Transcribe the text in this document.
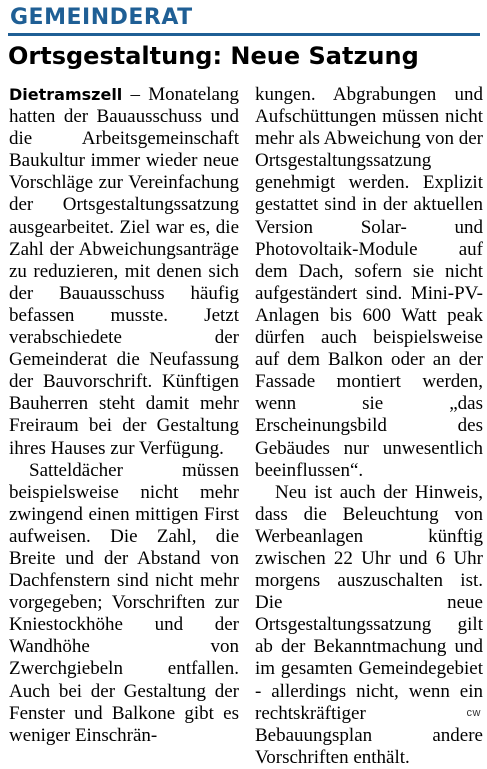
GEMEINDERAT
Ortsgestaltung: Neue Satzung

Dietramszell – Monatelang hatten der Bauausschuss und die Arbeitsgemeinschaft Baukultur immer wieder neue Vorschläge zur Vereinfachung der Ortsgestaltungssatzung ausgearbeitet. Ziel war es, die Zahl der Abweichungsanträge zu reduzieren, mit denen sich der Bauausschuss häufig befassen musste. Jetzt verabschiedete der Gemeinderat die Neufassung der Bauvorschrift. Künftigen Bauherren steht damit mehr Freiraum bei der Gestaltung ihres Hauses zur Verfügung.

Satteldächer müssen beispielsweise nicht mehr zwingend einen mittigen First aufweisen. Die Zahl, die Breite und der Abstand von Dachfenstern sind nicht mehr vorgegeben; Vorschriften zur Kniestockhöhe und der Wandhöhe von Zwerchgiebeln entfallen. Auch bei der Gestaltung der Fenster und Balkone gibt es weniger Einschrän-

kungen. Abgrabungen und Aufschüttungen müssen nicht mehr als Abweichung von der Ortsgestaltungssatzung genehmigt werden. Explizit gestattet sind in der aktuellen Version Solar- und Photovoltaik-Module auf dem Dach, sofern sie nicht aufgeständert sind. Mini-PV-Anlagen bis 600 Watt peak dürfen auch beispielsweise auf dem Balkon oder an der Fassade montiert werden, wenn sie „das Erscheinungsbild des Gebäudes nur unwesentlich beeinflussen“.

Neu ist auch der Hinweis, dass die Beleuchtung von Werbeanlagen künftig zwischen 22 Uhr und 6 Uhr morgens auszuschalten ist. Die neue Ortsgestaltungssatzung gilt ab der Bekanntmachung und im gesamten Gemeindegebiet - allerdings nicht, wenn ein rechtskräftiger Bebauungsplan andere Vorschriften enthält.

cw
